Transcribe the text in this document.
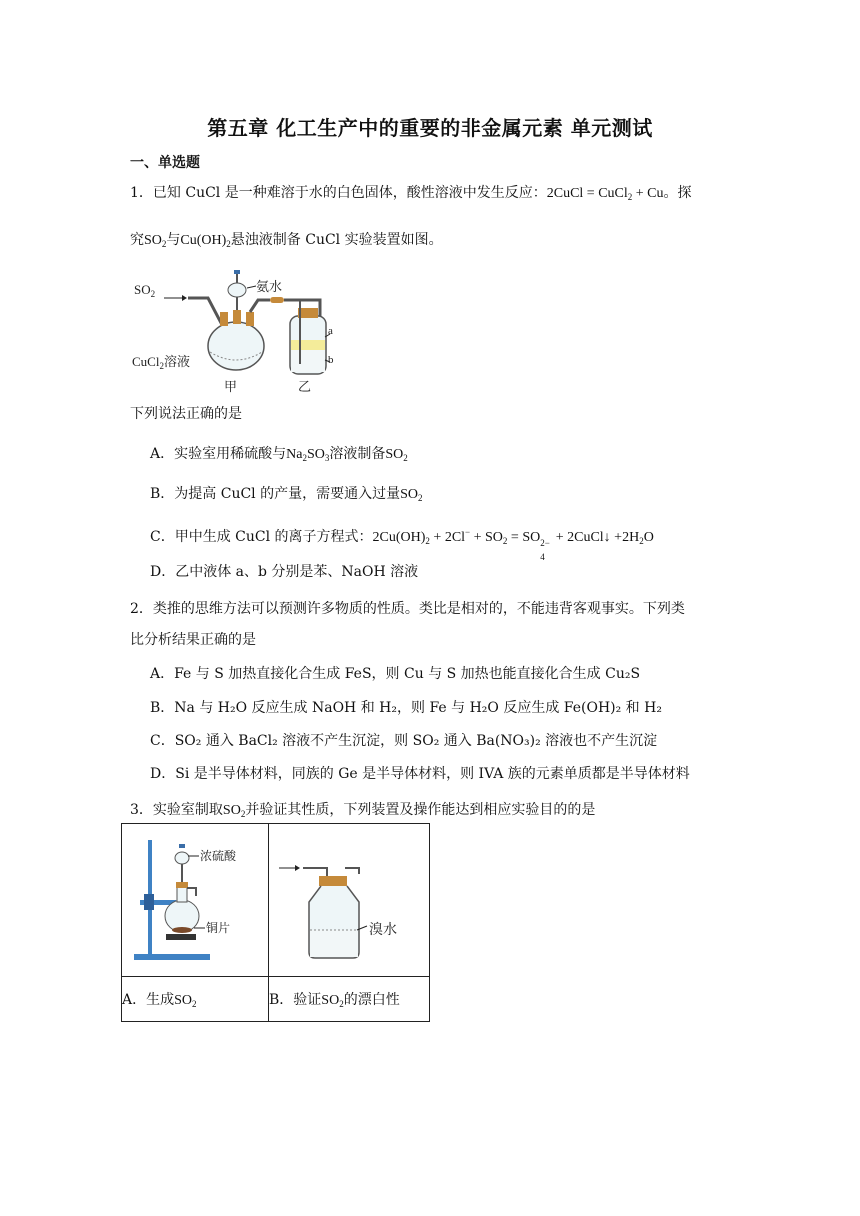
第五章 化工生产中的重要的非金属元素 单元测试
一、单选题
1．已知 CuCl 是一种难溶于水的白色固体，酸性溶液中发生反应：2CuCl = CuCl$_2$ + Cu。探
究$SO_2$与$Cu(OH)_2$悬浊液制备 CuCl 实验装置如图。
$SO_2$
CuCl$_2$溶液
氨水
甲	乙
a
b
下列说法正确的是
A．实验室用稀硫酸与$Na_2SO_3$溶液制备$SO_2$
B．为提高 CuCl 的产量，需要通入过量$SO_2$
C．甲中生成 CuCl 的离子方程式：$2Cu(OH)_2 + 2Cl^- + SO_2$ = SO 2−
4
+ 2CuCl↓ $+2H_2O$
D．乙中液体 a、b 分别是苯、NaOH 溶液
2．类推的思维方法可以预测许多物质的性质。类比是相对的，不能违背客观事实。下列类
比分析结果正确的是
A．Fe 与 S 加热直接化合生成 FeS，则 Cu 与 S 加热也能直接化合生成 Cu₂S
B．Na 与 H₂O 反应生成 NaOH 和 H₂，则 Fe 与 H₂O 反应生成 Fe(OH)₂ 和 H₂
C．SO₂ 通入 BaCl₂ 溶液不产生沉淀，则 SO₂ 通入 Ba(NO₃)₂ 溶液也不产生沉淀
D．Si 是半导体材料，同族的 Ge 是半导体材料，则 IVA 族的元素单质都是半导体材料
3．实验室制取$SO_2$并验证其性质，下列装置及操作能达到相应实验目的的是
浓硫酸
铜片	溴水

A．生成$SO_2$	B．验证$SO_2$的漂白性
